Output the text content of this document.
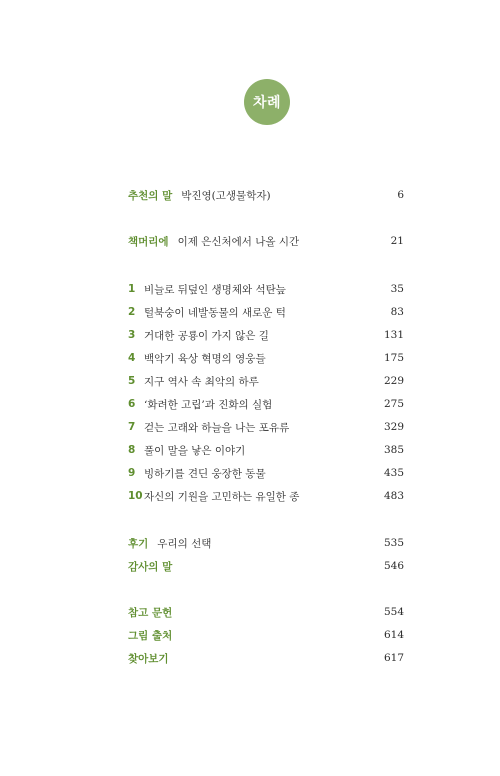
차례
추천의 말 박진영(고생물학자)	6
책머리에 이제 은신처에서 나올 시간	21
1 비늘로 뒤덮인 생명체와 석탄늪	35
2 털북숭이 네발동물의 새로운 턱	83
3 거대한 공룡이 가지 않은 길	131
4 백악기 육상 혁명의 영웅들	175
5 지구 역사 속 최악의 하루	229
6 ‘화려한 고립’과 진화의 실험	275
7 걷는 고래와 하늘을 나는 포유류	329
8 풀이 말을 낳은 이야기	385
9 빙하기를 견딘 웅장한 동물	435
10 자신의 기원을 고민하는 유일한 종	483
후기 우리의 선택	535
감사의 말	546
참고 문헌	554
그림 출처	614
찾아보기	617
